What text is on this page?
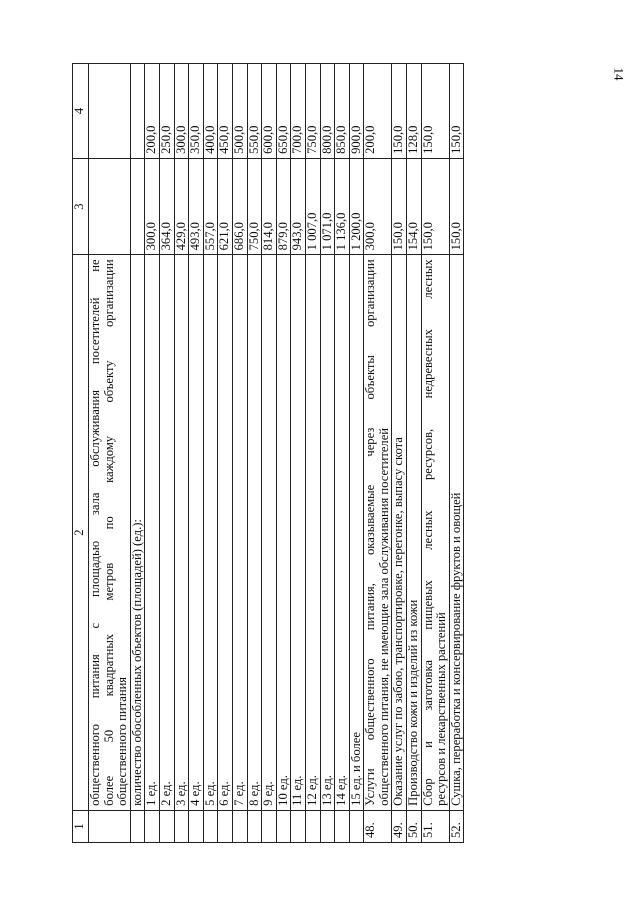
14
1	2	3	4

	общественного питания с площадью зала обслуживания посетителей не более 50 квадратных метров по каждому объекту организации общественного питания		

	количество обособленных объектов (площадей) (ед.):		
	1 ед.	300,0	200,0
	2 ед.	364,0	250,0
	3 ед.	429,0	300,0
	4 ед.	493,0	350,0
	5 ед.	557,0	400,0
	6 ед.	621,0	450,0
	7 ед.	686,0	500,0
	8 ед.	750,0	550,0
	9 ед.	814,0	600,0
	10 ед.	879,0	650,0
	11 ед.	943,0	700,0
	12 ед.	1 007,0	750,0
	13 ед.	1 071,0	800,0
	14 ед.	1 136,0	850,0
	15 ед. и более	1 200,0	900,0
48.	Услуги общественного питания, оказываемые через объекты организации общественного питания, не имеющие зала обслуживания посетителей	300,0	200,0
49.	Оказание услуг по забою, транспортировке, перегонке, выпасу скота	150,0	150,0
50.	Производство кожи и изделий из кожи	154,0	128,0
51.	Сбор и заготовка пищевых лесных ресурсов, недревесных лесных ресурсов и лекарственных растений	150,0	150,0
52.	Сушка, переработка и консервирование фруктов и овощей	150,0	150,0
